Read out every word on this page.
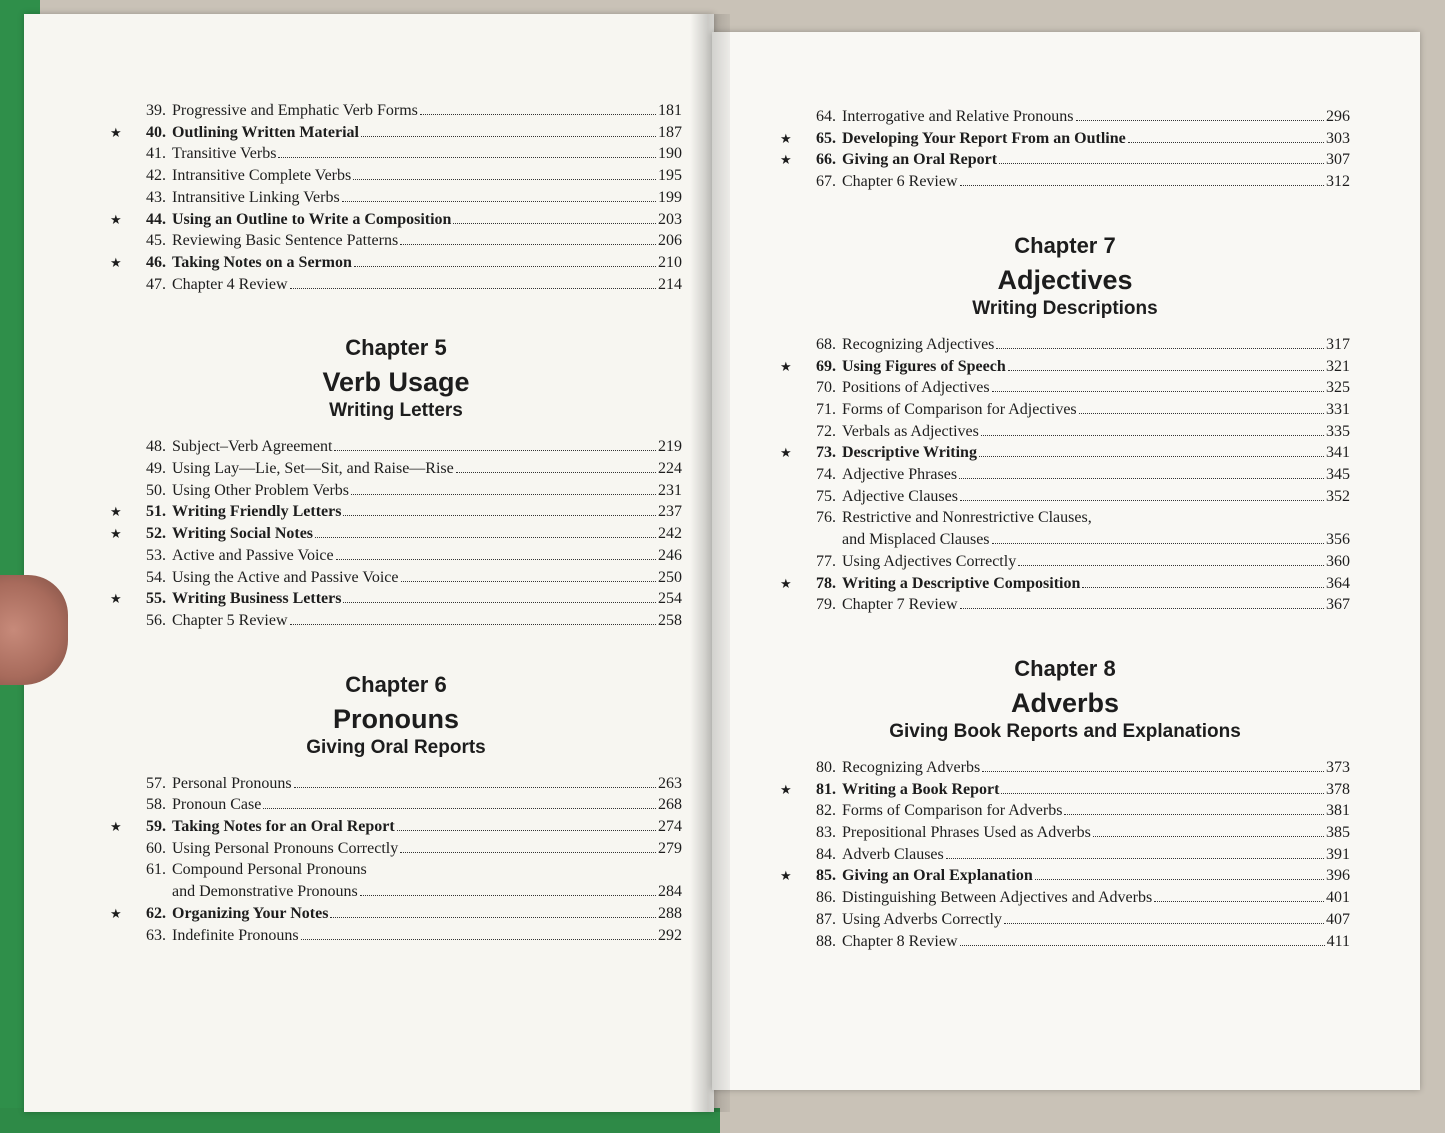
39. Progressive and Emphatic Verb Forms	181
★	40. Outlining Written Material	187
41. Transitive Verbs	190
42. Intransitive Complete Verbs	195
43. Intransitive Linking Verbs	199
★	44. Using an Outline to Write a Composition	203
45. Reviewing Basic Sentence Patterns	206
★	46. Taking Notes on a Sermon	210
47. Chapter 4 Review	214
Chapter 5
Verb Usage
Writing Letters
48. Subject–Verb Agreement	219
49. Using Lay—Lie, Set—Sit, and Raise—Rise	224
50. Using Other Problem Verbs	231
★	51. Writing Friendly Letters	237
★	52. Writing Social Notes	242
53. Active and Passive Voice	246
54. Using the Active and Passive Voice	250
★	55. Writing Business Letters	254
56. Chapter 5 Review	258
Chapter 6
Pronouns
Giving Oral Reports
57. Personal Pronouns	263
58. Pronoun Case	268
★	59. Taking Notes for an Oral Report	274
60. Using Personal Pronouns Correctly	279
61. Compound Personal Pronouns
and Demonstrative Pronouns	284
★	62. Organizing Your Notes	288
63. Indefinite Pronouns	292
64. Interrogative and Relative Pronouns	296
★	65. Developing Your Report From an Outline	303
★	66. Giving an Oral Report	307
67. Chapter 6 Review	312
Chapter 7
Adjectives
Writing Descriptions
68. Recognizing Adjectives	317
★	69. Using Figures of Speech	321
70. Positions of Adjectives	325
71. Forms of Comparison for Adjectives	331
72. Verbals as Adjectives	335
★	73. Descriptive Writing	341
74. Adjective Phrases	345
75. Adjective Clauses	352
76. Restrictive and Nonrestrictive Clauses,
and Misplaced Clauses	356
77. Using Adjectives Correctly	360
★	78. Writing a Descriptive Composition	364
79. Chapter 7 Review	367
Chapter 8
Adverbs
Giving Book Reports and Explanations
80. Recognizing Adverbs	373
★	81. Writing a Book Report	378
82. Forms of Comparison for Adverbs	381
83. Prepositional Phrases Used as Adverbs	385
84. Adverb Clauses	391
★	85. Giving an Oral Explanation	396
86. Distinguishing Between Adjectives and Adverbs	401
87. Using Adverbs Correctly	407
88. Chapter 8 Review	411
